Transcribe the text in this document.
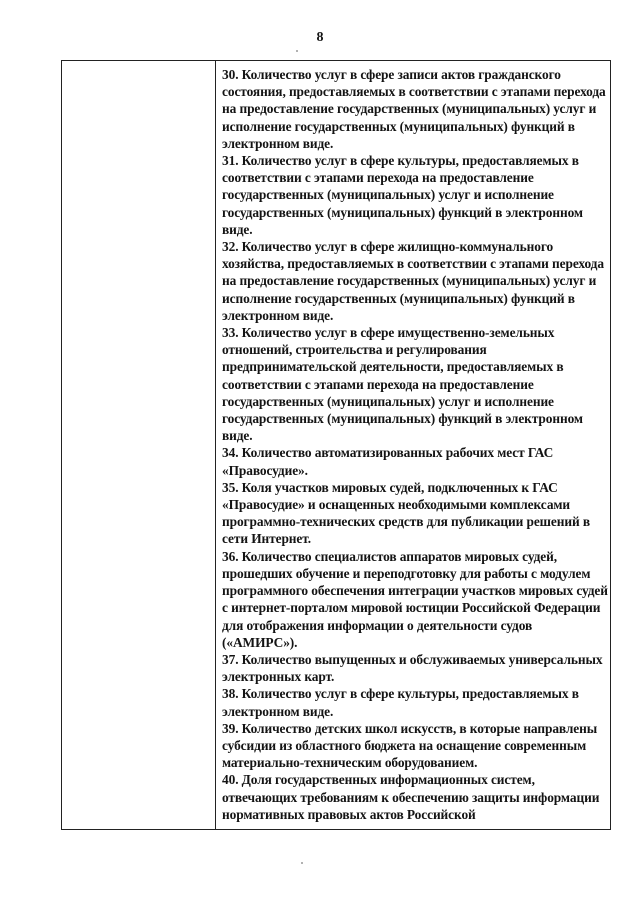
8

30. Количество услуг в сфере записи актов гражданского состояния, предоставляемых в соответствии с этапами перехода на предоставление государственных (муниципальных) услуг и исполнение государственных (муниципальных) функций в электронном виде.

31. Количество услуг в сфере культуры, предоставляемых в соответствии с этапами перехода на предоставление государственных (муниципальных) услуг и исполнение государственных (муниципальных) функций в электронном виде.

32. Количество услуг в сфере жилищно-коммунального хозяйства, предоставляемых в соответствии с этапами перехода на предоставление государственных (муниципальных) услуг и исполнение государственных (муниципальных) функций в электронном виде.

33. Количество услуг в сфере имущественно-земельных отношений, строительства и регулирования предпринимательской деятельности, предоставляемых в соответствии с этапами перехода на предоставление государственных (муниципальных) услуг и исполнение государственных (муниципальных) функций в электронном виде.

34. Количество автоматизированных рабочих мест ГАС «Правосудие».

35. Коля участков мировых судей, подключенных к ГАС «Правосудие» и оснащенных необходимыми комплексами программно-технических средств для публикации решений в сети Интернет.

36. Количество специалистов аппаратов мировых судей, прошедших обучение и переподготовку для работы с модулем программного обеспечения интеграции участков мировых судей с интернет-порталом мировой юстиции Российской Федерации для отображения информации о деятельности судов («АМИРС»).

37. Количество выпущенных и обслуживаемых универсальных электронных карт.

38. Количество услуг в сфере культуры, предоставляемых в электронном виде.

39. Количество детских школ искусств, в которые направлены субсидии из областного бюджета на оснащение современным материально-техническим оборудованием.

40. Доля государственных информационных систем, отвечающих требованиям к обеспечению защиты информации нормативных правовых актов Российской
